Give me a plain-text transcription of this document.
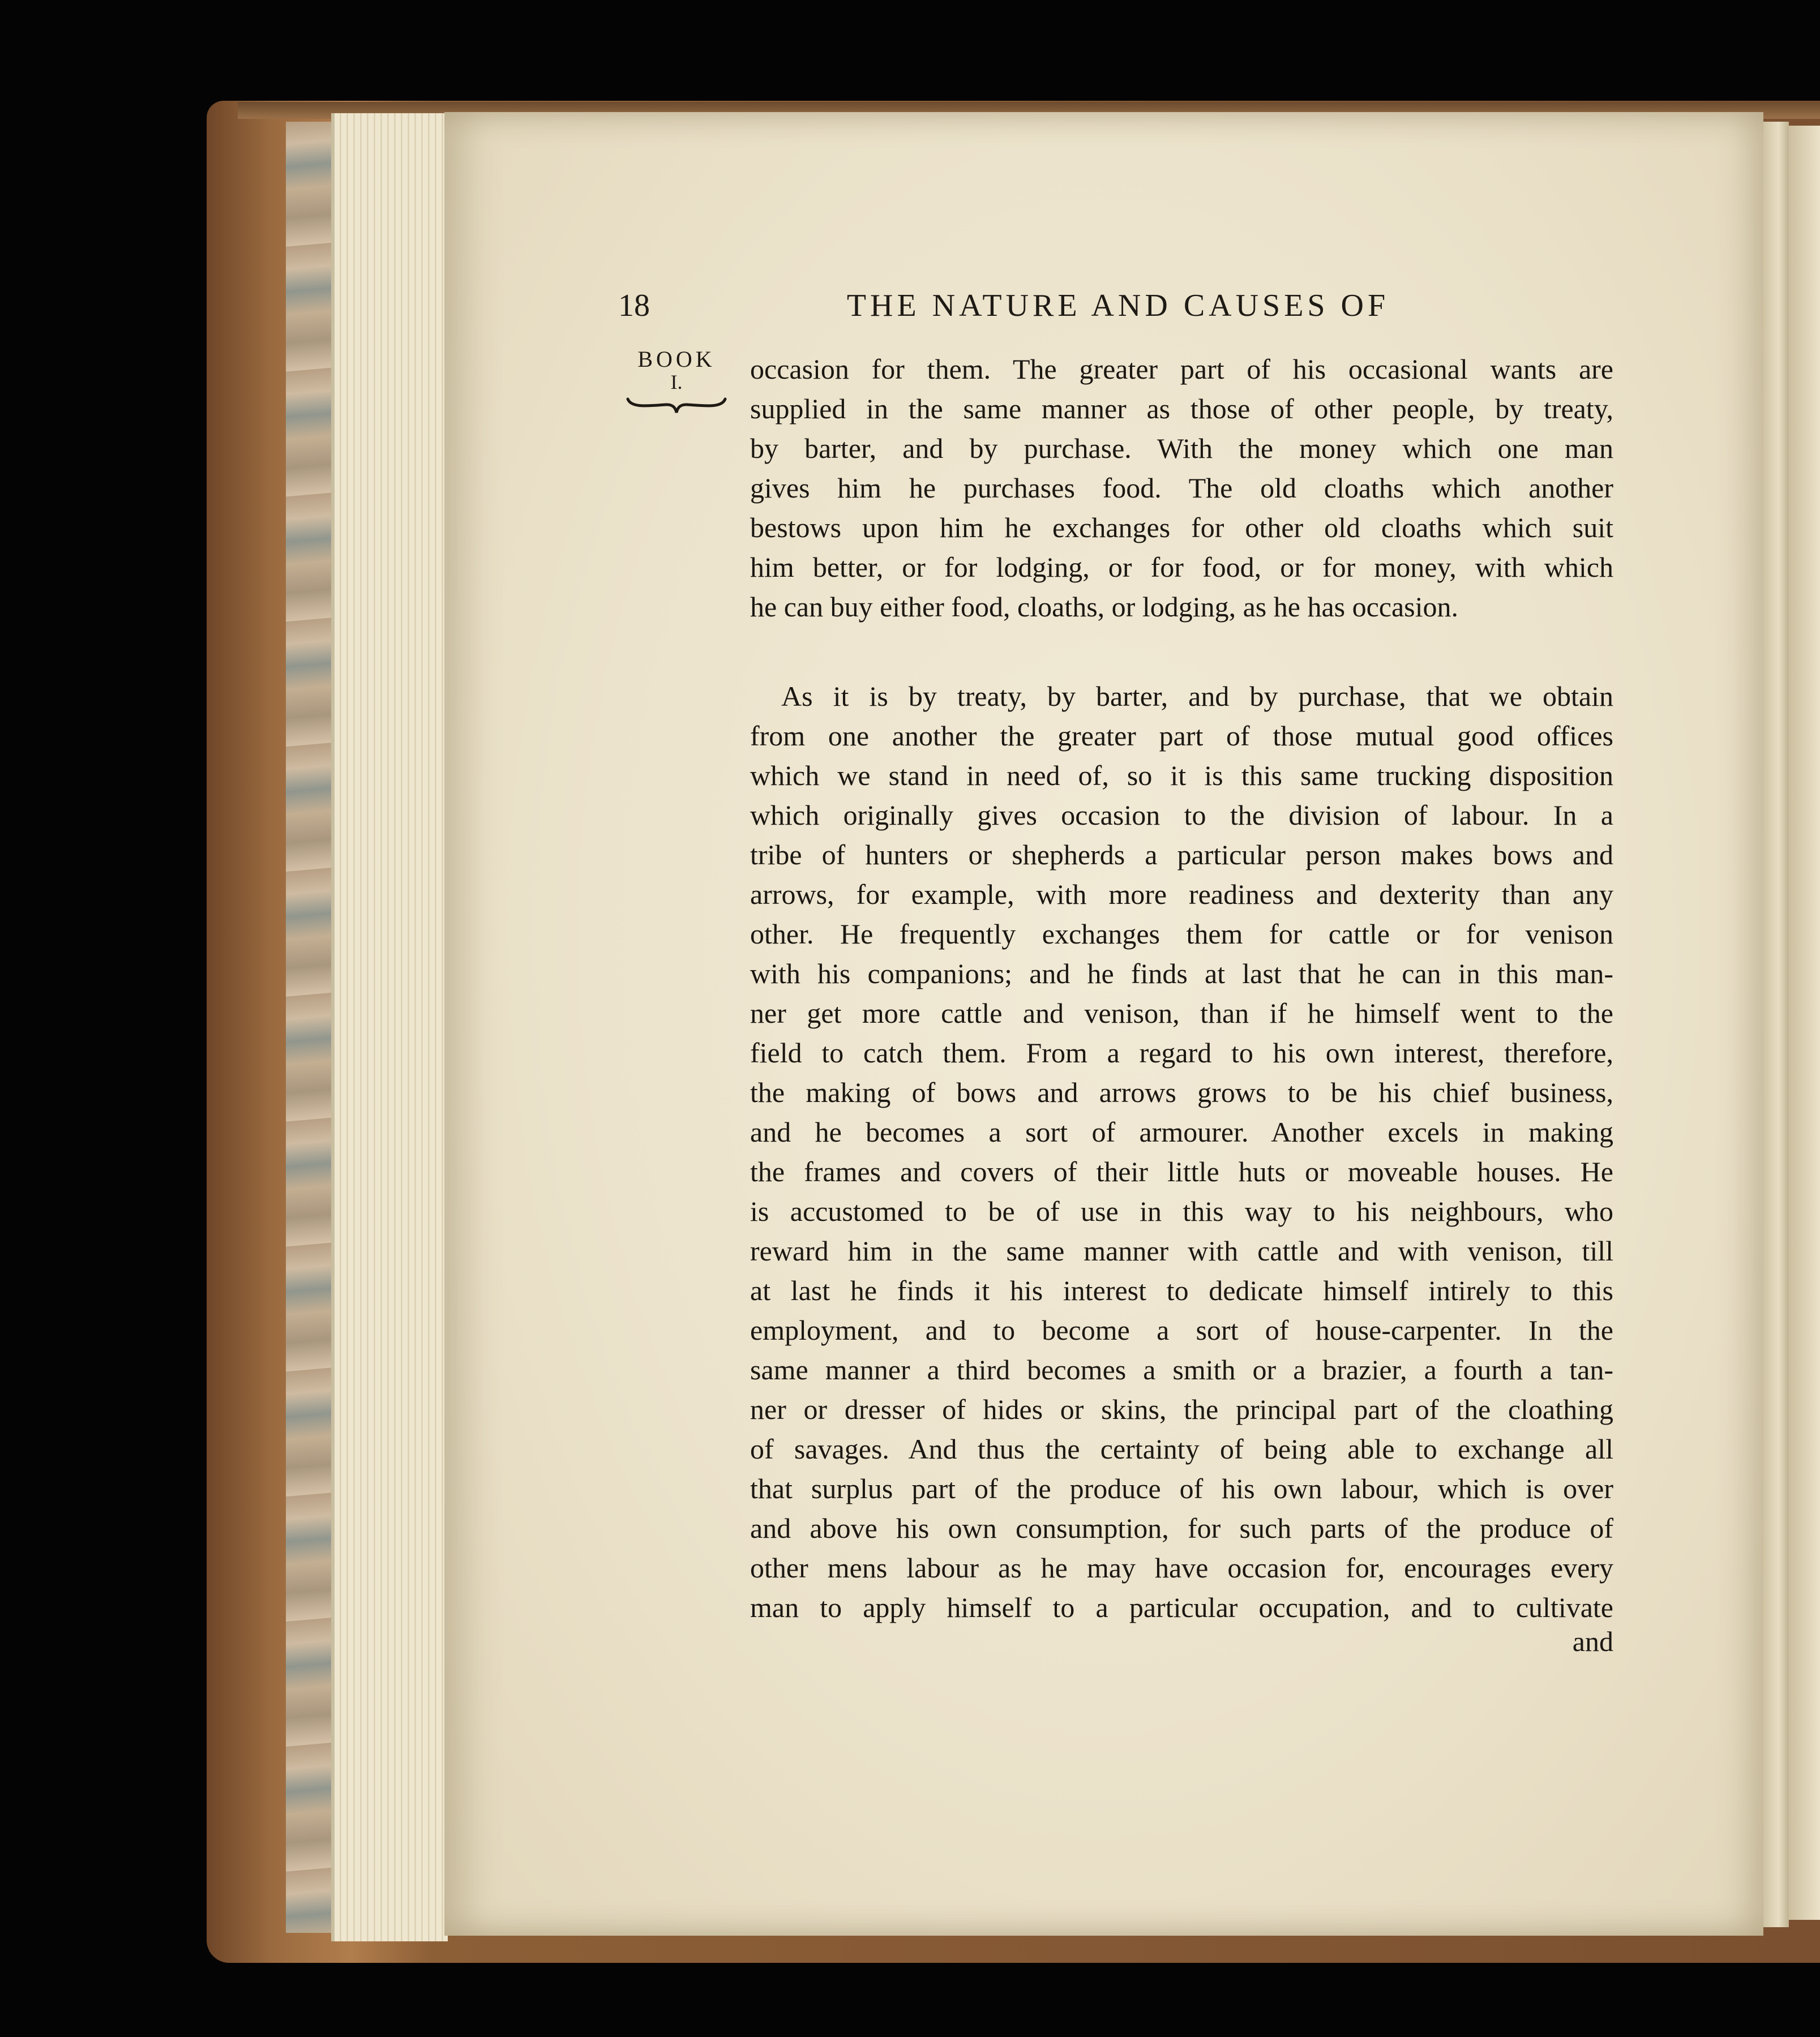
18	THE NATURE AND CAUSES OF
BOOK
I.	occasion for them. The greater part of his occasional wants are
supplied in the same manner as those of other people, by treaty,
by barter, and by purchase. With the money which one man
gives him he purchases food. The old cloaths which another
bestows upon him he exchanges for other old cloaths which suit
him better, or for lodging, or for food, or for money, with which
he can buy either food, cloaths, or lodging, as he has occasion.
As it is by treaty, by barter, and by purchase, that we obtain
from one another the greater part of those mutual good offices
which we stand in need of, so it is this same trucking disposition
which originally gives occasion to the division of labour. In a
tribe of hunters or shepherds a particular person makes bows and
arrows, for example, with more readiness and dexterity than any
other. He frequently exchanges them for cattle or for venison
with his companions; and he finds at last that he can in this man-
ner get more cattle and venison, than if he himself went to the
field to catch them. From a regard to his own interest, therefore,
the making of bows and arrows grows to be his chief business,
and he becomes a sort of armourer. Another excels in making
the frames and covers of their little huts or moveable houses. He
is accustomed to be of use in this way to his neighbours, who
reward him in the same manner with cattle and with venison, till
at last he finds it his interest to dedicate himself intirely to this
employment, and to become a sort of house-carpenter. In the
same manner a third becomes a smith or a brazier, a fourth a tan-
ner or dresser of hides or skins, the principal part of the cloathing
of savages. And thus the certainty of being able to exchange all
that surplus part of the produce of his own labour, which is over
and above his own consumption, for such parts of the produce of
other mens labour as he may have occasion for, encourages every
man to apply himself to a particular occupation, and to cultivate
and
